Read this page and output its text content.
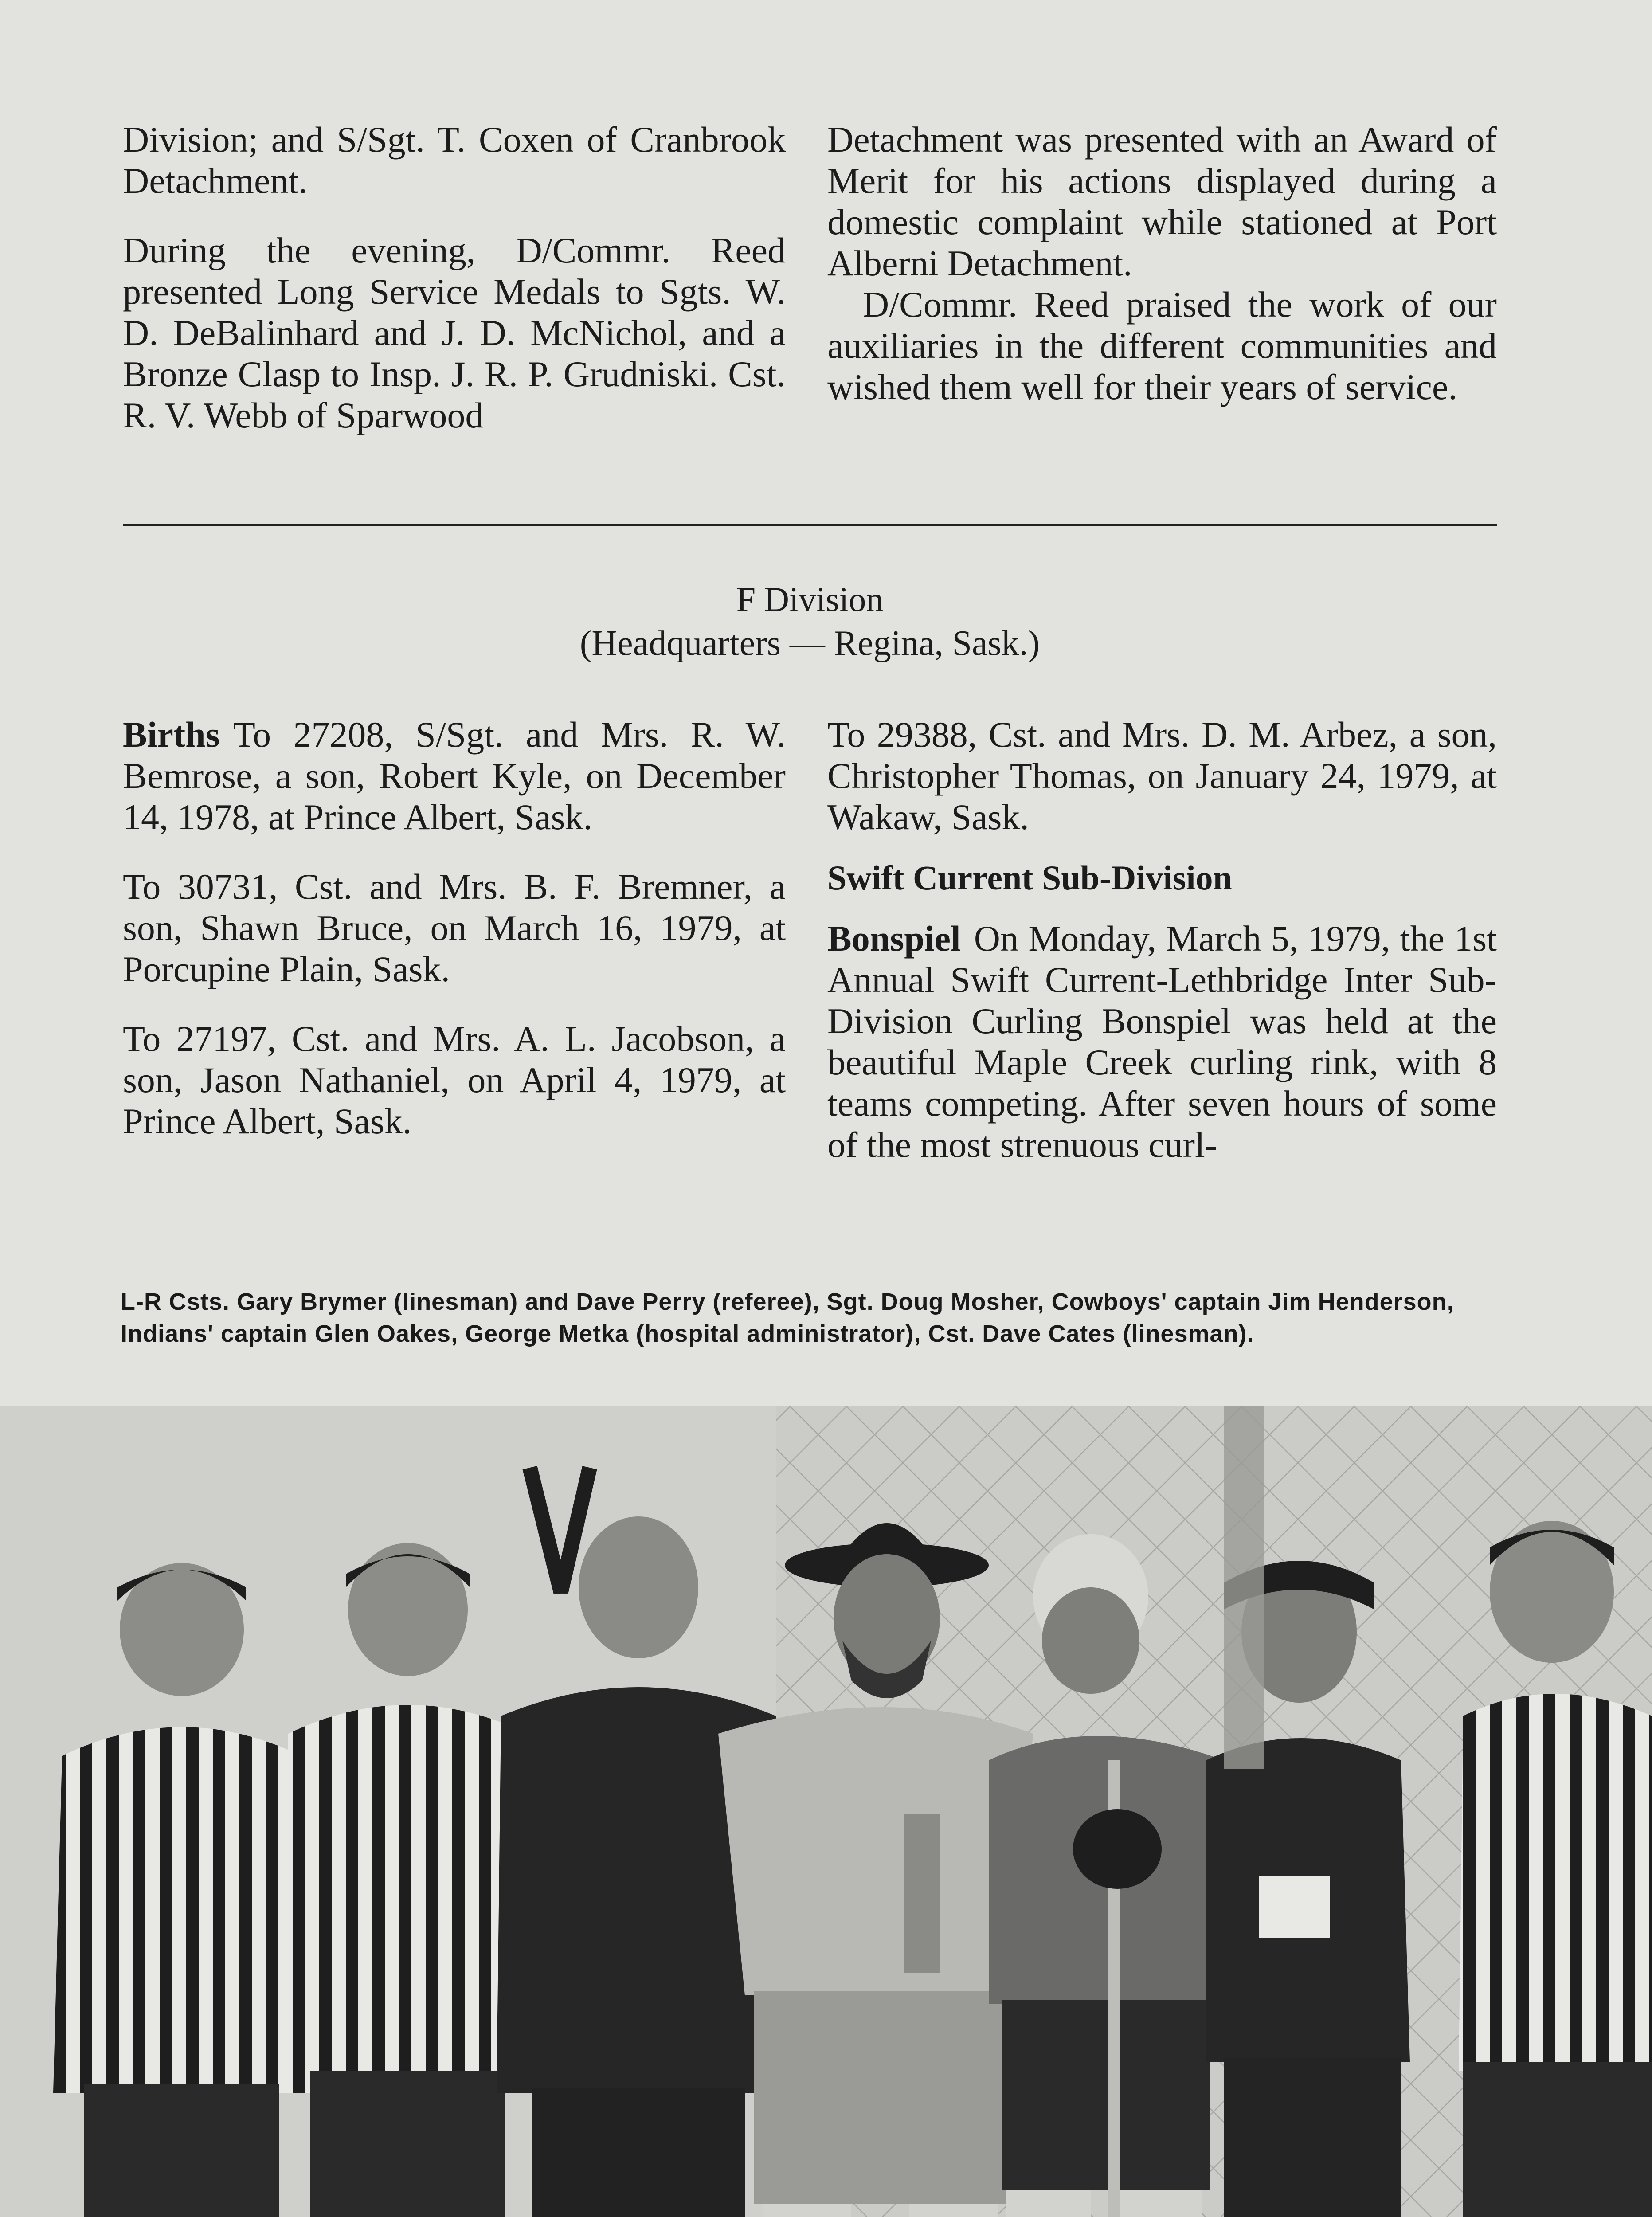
Division; and S/Sgt. T. Coxen of Cranbrook Detachment.

During the evening, D/Commr. Reed presented Long Service Medals to Sgts. W. D. DeBalinhard and J. D. McNichol, and a Bronze Clasp to Insp. J. R. P. Grudniski. Cst. R. V. Webb of Sparwood

Detachment was presented with an Award of Merit for his actions displayed during a domestic complaint while stationed at Port Alberni Detachment.

D/Commr. Reed praised the work of our auxiliaries in the different communities and wished them well for their years of service.

F Division
(Headquarters — Regina, Sask.)

Births To 27208, S/Sgt. and Mrs. R. W. Bemrose, a son, Robert Kyle, on December 14, 1978, at Prince Albert, Sask.

To 30731, Cst. and Mrs. B. F. Bremner, a son, Shawn Bruce, on March 16, 1979, at Porcupine Plain, Sask.

To 27197, Cst. and Mrs. A. L. Jacobson, a son, Jason Nathaniel, on April 4, 1979, at Prince Albert, Sask.

To 29388, Cst. and Mrs. D. M. Arbez, a son, Christopher Thomas, on January 24, 1979, at Wakaw, Sask.

Swift Current Sub-Division

Bonspiel On Monday, March 5, 1979, the 1st Annual Swift Current-Lethbridge Inter Sub-Division Curling Bonspiel was held at the beautiful Maple Creek curling rink, with 8 teams competing. After seven hours of some of the most strenuous curl-

L-R Csts. Gary Brymer (linesman) and Dave Perry (referee), Sgt. Doug Mosher, Cowboys' captain Jim Henderson, Indians' captain Glen Oakes, George Metka (hospital administrator), Cst. Dave Cates (linesman).
